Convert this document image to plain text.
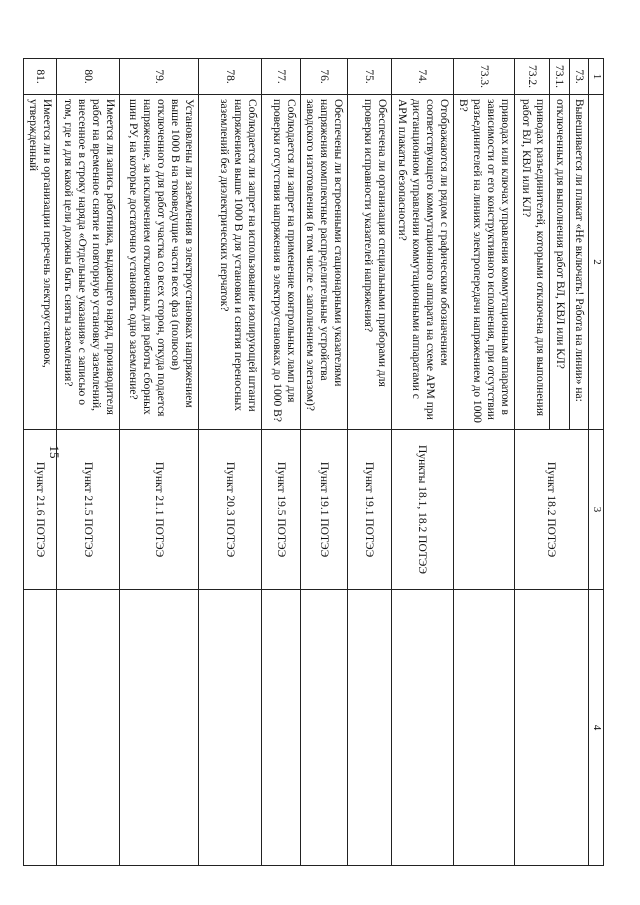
15
1	2	3	4
73.	Вывешивается ли плакат «Не включать! Работа на линии» на:	Пункт 18.2 ПОТЭЭ	
73.1.	отключенных для выполнения работ ВЛ, КВЛ или КЛ?		
73.2.	приводах разъединителей, которыми отключена для выполнения работ ВЛ, КВЛ или КЛ?		
73.3.	приводах или ключах управления коммутационным аппаратом в зависимости от его конструктивного исполнения, при отсутствии разъединителей на линиях электропередачи напряжением до 1000 В?		
74.	Отображаются ли рядом с графическим обозначением соответствующего коммутационного аппарата на схеме АРМ при дистанционном управлении коммутационными аппаратами с АРМ плакаты безопасности?	Пункты 18.1, 18.2 ПОТЭЭ	
75.	Обеспечена ли организация специальными приборами для проверки исправности указателей напряжения?	Пункт 19.1 ПОТЭЭ	
76.	Обеспечены ли встроенными стационарными указателями напряжения комплектные распределительные устройства заводского изготовления (в том числе с заполнением элегазом)?	Пункт 19.1 ПОТЭЭ	
77.	Соблюдается ли запрет на применение контрольных ламп для проверки отсутствия напряжения в электроустановках до 1000 В?	Пункт 19.5 ПОТЭЭ	
78.	Соблюдается ли запрет на использование изолирующей штанги напряжением выше 1000 В для установки и снятия переносных заземлений без диэлектрических перчаток?	Пункт 20.3 ПОТЭЭ	
79.	Установлены ли заземления в электроустановках напряжением выше 1000 В на токоведущие части всех фаз (полюсов) отключенного для работ участка со всех сторон, откуда подается напряжение, за исключением отключенных для работы сборных шин РУ, на которые достаточно установить одно заземление?	Пункт 21.1 ПОТЭЭ	
80.	Имеется ли запись работника, выдающего наряд, производителя работ на временное снятие и повторную установку заземлений, внесенное в строку наряда «Отдельные указания» с записью о том, где и для какой цели должны быть сняты заземления?	Пункт 21.5 ПОТЭЭ	
81.	Имеется ли в организации перечень электроустановок, утвержденный	Пункт 21.6 ПОТЭЭ	
